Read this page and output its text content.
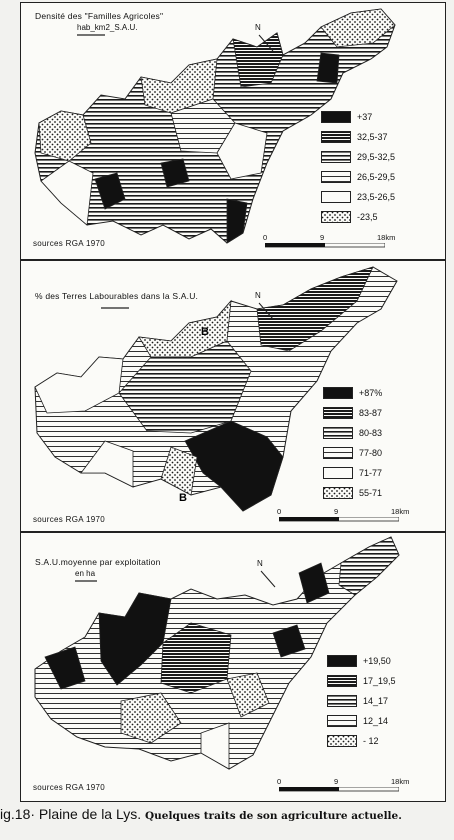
Densité des "Familles Agricoles"
hab_km2_S.A.U.	N
+37
32,5-37
29,5-32,5
26,5-29,5
23,5-26,5
-23,5
sources RGA 1970
0	9	18km
B
B
% des Terres Labourables dans la S.A.U.	N
+87%
83-87
80-83
77-80
71-77
55-71
sources RGA 1970
0	9	18km
S.A.U.moyenne par exploitation
en ha
N
+19,50
17_19,5
14_17
12_14
- 12
sources RGA 1970
0	9	18km
ig.18· Plaine de la Lys. Quelques traits de son agriculture actuelle.
